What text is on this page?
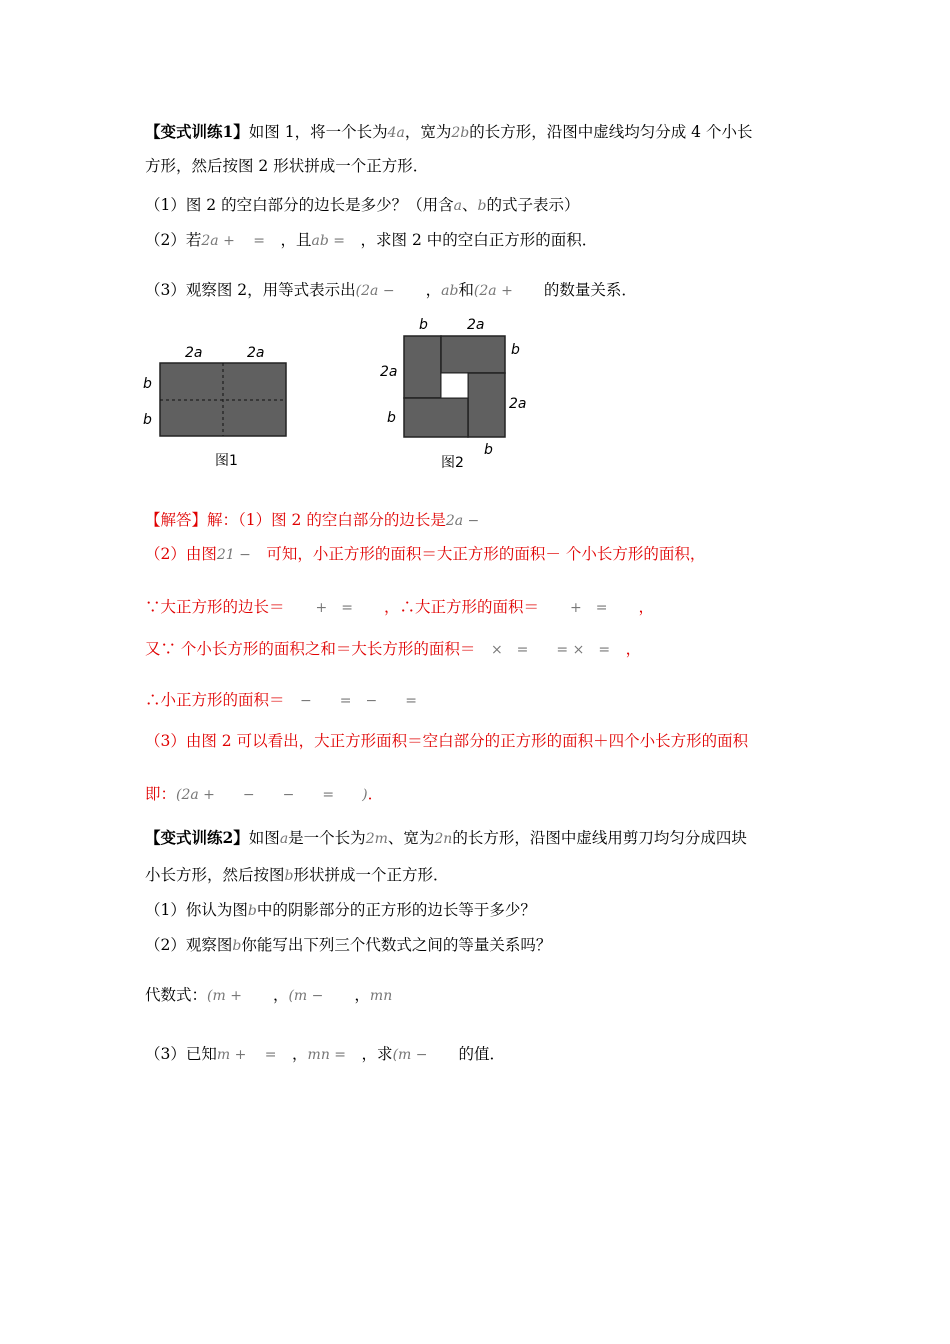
【变式训练1】如图 1，将一个长为4a，宽为2b的长方形，沿图中虚线均匀分成 4 个小长
方形，然后按图 2 形状拼成一个正方形．
（1）图 2 的空白部分的边长是多少？（用含a、b的式子表示）
（2）若2a +　 =　 ，且ab =　 ，求图 2 中的空白正方形的面积．
（3）观察图 2，用等式表示出(2a −　　 ，ab和(2a +　　 的数量关系．
2a	2a
b
b
图1
b	2a
b
2a
2a
b
b
图2
【解答】解：（1）图 2 的空白部分的边长是2a −
（2）由图21 −　 可知，小正方形的面积＝大正方形的面积－ 个小长方形的面积，
∵大正方形的边长＝　　 +　=　　 ，∴大正方形的面积＝　　 +　=　　 ，
又∵ 个小长方形的面积之和＝大长方形的面积＝　 ×　=　　= ×　=　 ，
∴小正方形的面积＝　 −　　=　−　　=
（3）由图 2 可以看出，大正方形面积＝空白部分的正方形的面积＋四个小长方形的面积
即：(2a +　　−　　−　　=　　)．
【变式训练2】如图a是一个长为2m、宽为2n的长方形，沿图中虚线用剪刀均匀分成四块
小长方形，然后按图b形状拼成一个正方形．
（1）你认为图b中的阴影部分的正方形的边长等于多少？
（2）观察图b你能写出下列三个代数式之间的等量关系吗？
代数式：(m +　　 ，(m −　　 ，mn
（3）已知m +　 =　 ，mn =　 ，求(m −　　 的值．
